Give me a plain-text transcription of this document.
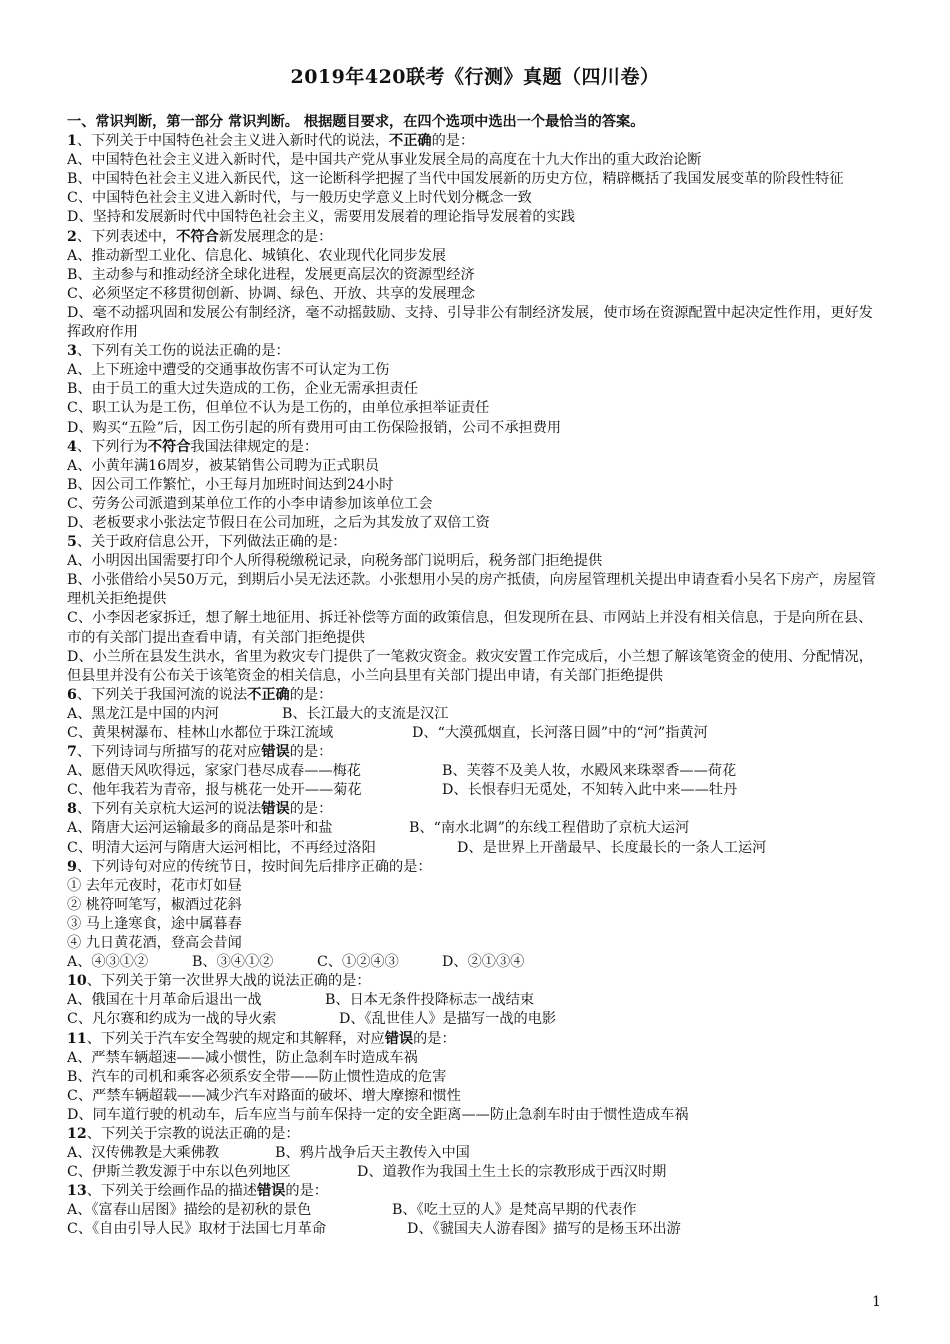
2019年420联考《行测》真题（四川卷）
一、常识判断，第一部分 常识判断。 根据题目要求，在四个选项中选出一个最恰当的答案。
1、下列关于中国特色社会主义进入新时代的说法，不正确的是：
A、中国特色社会主义进入新时代，是中国共产党从事业发展全局的高度在十九大作出的重大政治论断
B、中国特色社会主义进入新民代，这一论断科学把握了当代中国发展新的历史方位，精辟概括了我国发展变革的阶段性特征
C、中国特色社会主义进入新时代，与一般历史学意义上时代划分概念一致
D、坚持和发展新时代中国特色社会主义，需要用发展着的理论指导发展着的实践
2、下列表述中，不符合新发展理念的是：
A、推动新型工业化、信息化、城镇化、农业现代化同步发展
B、主动参与和推动经济全球化进程，发展更高层次的资源型经济
C、必须坚定不移贯彻创新、协调、绿色、开放、共享的发展理念
D、毫不动摇巩固和发展公有制经济，毫不动摇鼓励、支持、引导非公有制经济发展，使市场在资源配置中起决定性作用，更好发挥政府作用
3、下列有关工伤的说法正确的是：
A、上下班途中遭受的交通事故伤害不可认定为工伤
B、由于员工的重大过失造成的工伤，企业无需承担责任
C、职工认为是工伤，但单位不认为是工伤的，由单位承担举证责任
D、购买“五险”后，因工伤引起的所有费用可由工伤保险报销，公司不承担费用
4、下列行为不符合我国法律规定的是：
A、小黄年满16周岁，被某销售公司聘为正式职员
B、因公司工作繁忙，小王每月加班时间达到24小时
C、劳务公司派遣到某单位工作的小李申请参加该单位工会
D、老板要求小张法定节假日在公司加班，之后为其发放了双倍工资
5、关于政府信息公开，下列做法正确的是：
A、小明因出国需要打印个人所得税缴税记录，向税务部门说明后，税务部门拒绝提供
B、小张借给小吴50万元，到期后小吴无法还款。小张想用小吴的房产抵债，向房屋管理机关提出申请查看小吴名下房产，房屋管理机关拒绝提供
C、小李因老家拆迁，想了解土地征用、拆迁补偿等方面的政策信息，但发现所在县、市网站上并没有相关信息，于是向所在县、市的有关部门提出查看申请，有关部门拒绝提供
D、小兰所在县发生洪水，省里为救灾专门提供了一笔救灾资金。救灾安置工作完成后，小兰想了解该笔资金的使用、分配情况，但县里并没有公布关于该笔资金的相关信息，小兰向县里有关部门提出申请，有关部门拒绝提供
6、下列关于我国河流的说法不正确的是：
A、黑龙江是中国的内河	B、长江最大的支流是汉江
C、黄果树瀑布、桂林山水都位于珠江流域	D、“大漠孤烟直，长河落日圆”中的“河”指黄河
7、下列诗词与所描写的花对应错误的是：
A、愿借天风吹得远，家家门巷尽成春——梅花	B、芙蓉不及美人妆，水殿风来珠翠香——荷花
C、他年我若为青帝，报与桃花一处开——菊花	D、长恨春归无觅处，不知转入此中来——牡丹
8、下列有关京杭大运河的说法错误的是：
A、隋唐大运河运输最多的商品是茶叶和盐	B、“南水北调”的东线工程借助了京杭大运河
C、明清大运河与隋唐大运河相比，不再经过洛阳	D、是世界上开凿最早、长度最长的一条人工运河
9、下列诗句对应的传统节日，按时间先后排序正确的是：
① 去年元夜时，花市灯如昼
② 桃符呵笔写，椒酒过花斜
③ 马上逢寒食，途中属暮春
④ 九日黄花酒，登高会昔闻
A、④③①②	B、③④①②	C、①②④③	D、②①③④
10、下列关于第一次世界大战的说法正确的是：
A、俄国在十月革命后退出一战	B、日本无条件投降标志一战结束
C、凡尔赛和约成为一战的导火索	D、《乱世佳人》是描写一战的电影
11、下列关于汽车安全驾驶的规定和其解释，对应错误的是：
A、严禁车辆超速——减小惯性，防止急刹车时造成车祸
B、汽车的司机和乘客必须系安全带——防止惯性造成的危害
C、严禁车辆超载——减少汽车对路面的破坏、增大摩擦和惯性
D、同车道行驶的机动车，后车应当与前车保持一定的安全距离——防止急刹车时由于惯性造成车祸
12、下列关于宗教的说法正确的是：
A、汉传佛教是大乘佛教	B、鸦片战争后天主教传入中国
C、伊斯兰教发源于中东以色列地区	D、道教作为我国土生土长的宗教形成于西汉时期
13、下列关于绘画作品的描述错误的是：
A、《富春山居图》描绘的是初秋的景色	B、《吃土豆的人》是梵高早期的代表作
C、《自由引导人民》取材于法国七月革命	D、《虢国夫人游春图》描写的是杨玉环出游
1
